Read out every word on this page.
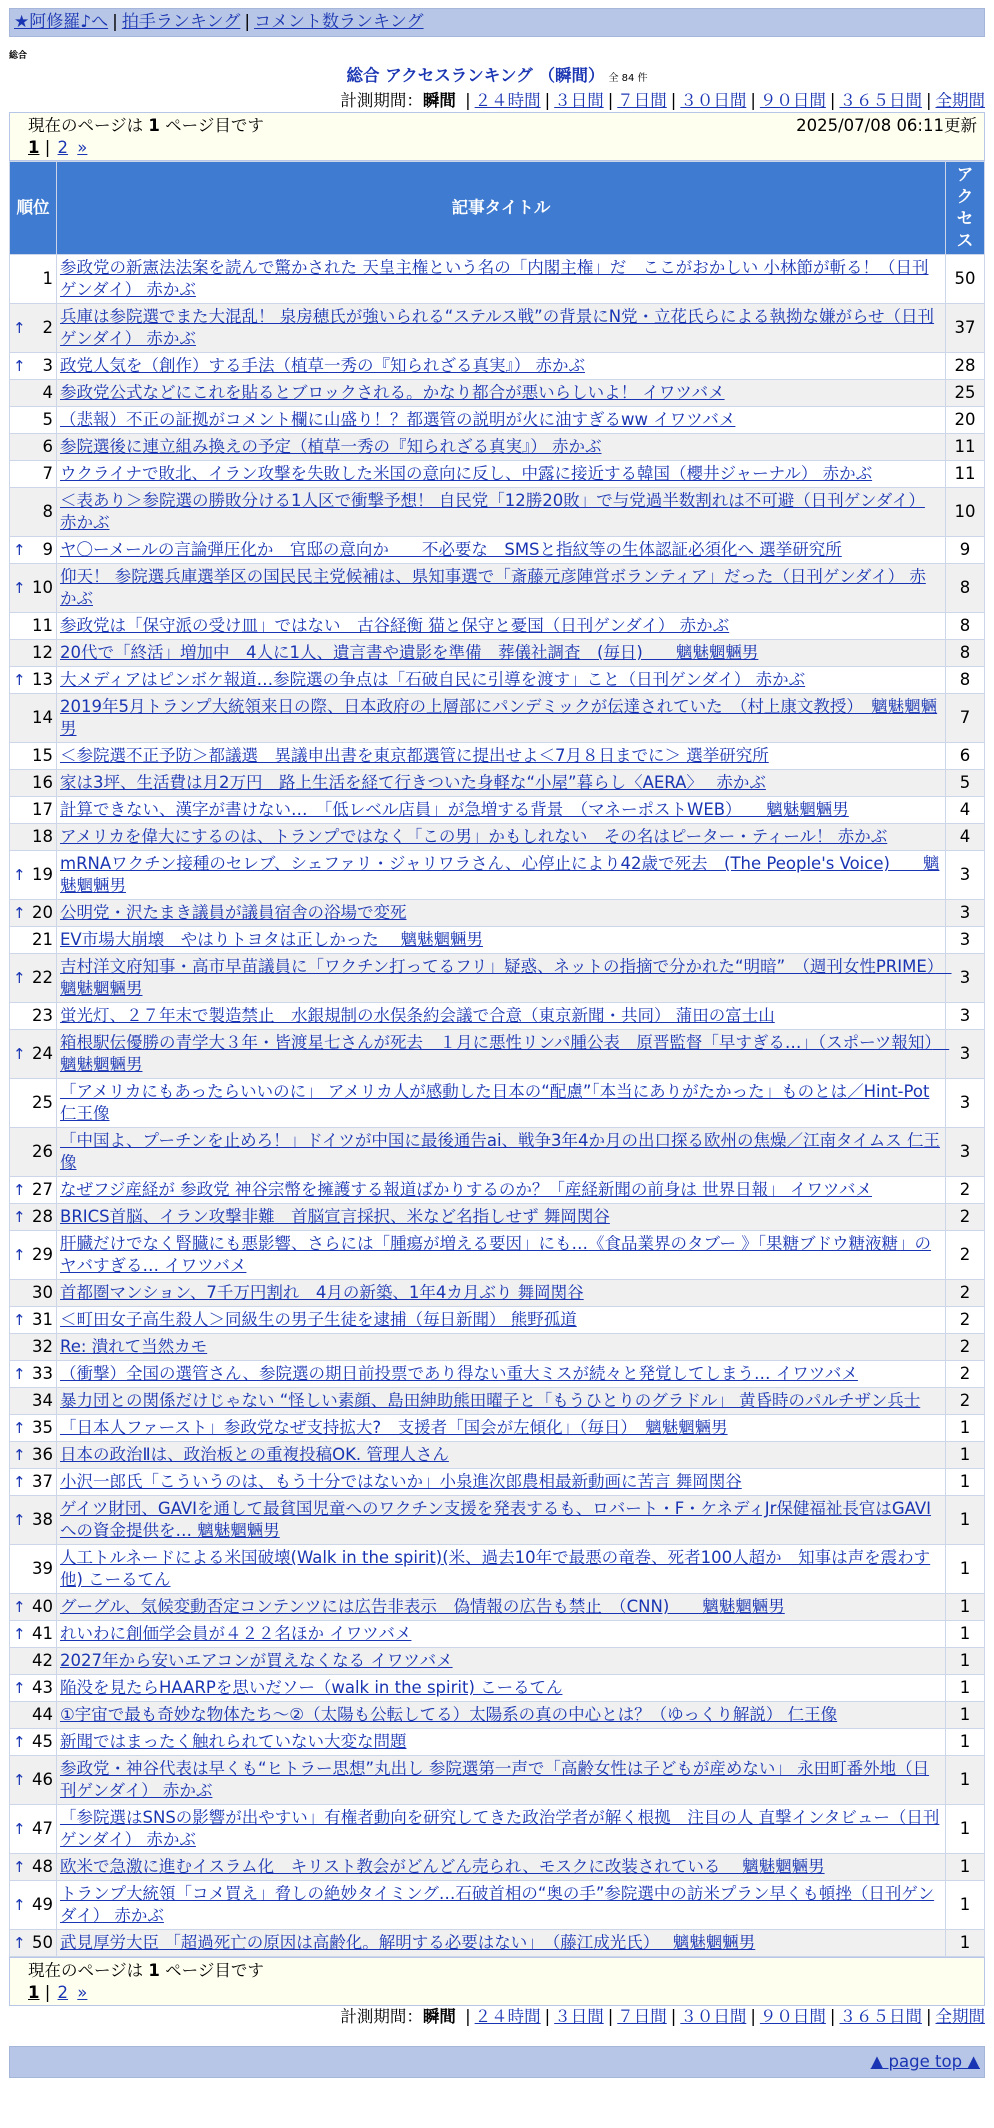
★阿修羅♪へ | 拍手ランキング | コメント数ランキング
総合
総合 アクセスランキング （瞬間） 全 84 件
計測期間：瞬間 | ２４時間 | ３日間 | ７日間 | ３０日間 | ９０日間 | ３６５日間 | 全期間
現在のページは 1 ページ目です	2025/07/08 06:11更新
1 | 2 »
順位	記事タイトル	アクセス
1	参政党の新憲法法案を読んで驚かされた 天皇主権という名の「内閣主権」だ　ここがおかしい 小林節が斬る！（日刊ゲンダイ） 赤かぶ	50

↑ 2	兵庫は参院選でまた大混乱！ 泉房穂氏が強いられる“ステルス戦”の背景にN党・立花氏らによる執拗な嫌がらせ（日刊ゲンダイ） 赤かぶ	37

↑ 3	政党人気を（創作）する手法（植草一秀の『知られざる真実』） 赤かぶ	28
4	参政党公式などにこれを貼るとブロックされる。かなり都合が悪いらしいよ！ イワツバメ	25
5	（悲報）不正の証拠がコメント欄に山盛り！？都選管の説明が火に油すぎるww イワツバメ	20
6	参院選後に連立組み換えの予定（植草一秀の『知られざる真実』） 赤かぶ	11
7	ウクライナで敗北、イラン攻撃を失敗した米国の意向に反し、中露に接近する韓国（櫻井ジャーナル） 赤かぶ	11
8	＜表あり＞参院選の勝敗分ける1人区で衝撃予想！ 自民党「12勝20敗」で与党過半数割れは不可避（日刊ゲンダイ） 赤かぶ	10

↑ 9	ヤ〇ーメールの言論弾圧化か　官邸の意向か　　不必要な　SMSと指紋等の生体認証必須化へ 選挙研究所	9

↑ 10	仰天！ 参院選兵庫選挙区の国民民主党候補は、県知事選で「斎藤元彦陣営ボランティア」だった（日刊ゲンダイ） 赤かぶ	8
11	参政党は「保守派の受け皿」ではない　古谷経衡 猫と保守と憂国（日刊ゲンダイ） 赤かぶ	8
12	20代で「終活」増加中　4人に1人、遺言書や遺影を準備　葬儀社調査　(毎日)　　魑魅魍魎男	8

↑ 13	大メディアはピンボケ報道…参院選の争点は「石破自民に引導を渡す」こと（日刊ゲンダイ） 赤かぶ	8
14	2019年5月トランプ大統領来日の際、日本政府の上層部にパンデミックが伝達されていた　（村上康文教授）　魑魅魍魎男	7
15	＜参院選不正予防＞都議選　異議申出書を東京都選管に提出せよ＜7月８日までに＞ 選挙研究所	6
16	家は3坪、生活費は月2万円　路上生活を経て行きついた身軽な“小屋”暮らし〈AERA〉　 赤かぶ	5
17	計算できない、漢字が書けない…　「低レベル店員」が急増する背景　（マネーポストWEB）　　魑魅魍魎男	4
18	アメリカを偉大にするのは、トランプではなく「この男」かもしれない　その名はピーター・ティール！ 赤かぶ	4

↑ 19	mRNAワクチン接種のセレブ、シェファリ・ジャリワラさん、心停止により42歳で死去　(The People's Voice)　　魑魅魍魎男	3

↑ 20	公明党・沢たまき議員が議員宿舎の浴場で変死	3
21	EV市場大崩壊　やはりトヨタは正しかった　 魑魅魍魎男	3

↑ 22	吉村洋文府知事・高市早苗議員に「ワクチン打ってるフリ」疑惑、ネットの指摘で分かれた“明暗”　（週刊女性PRIME）　魑魅魍魎男	3
23	蛍光灯、２７年末で製造禁止　水銀規制の水俣条約会議で合意（東京新聞・共同） 蒲田の富士山	3

↑ 24	箱根駅伝優勝の青学大３年・皆渡星七さんが死去　１月に悪性リンパ腫公表　原晋監督「早すぎる…」（スポーツ報知）　魑魅魍魎男	3
25	「アメリカにもあったらいいのに」 アメリカ人が感動した日本の“配慮”「本当にありがたかった」ものとは／Hint-Pot 仁王像	3
26	「中国よ、プーチンを止めろ！」ドイツが中国に最後通告ai、戦争3年4か月の出口探る欧州の焦燥／江南タイムス 仁王像	3

↑ 27	なぜフジ産経が 参政党 神谷宗幣を擁護する報道ばかりするのか？「産経新聞の前身は 世界日報」 イワツバメ	2

↑ 28	BRICS首脳、イラン攻撃非難　首脳宣言採択、米など名指しせず 舞岡関谷	2

↑ 29	肝臓だけでなく腎臓にも悪影響、さらには「腫瘍が増える要因」にも…《食品業界のタブー 》「果糖ブドウ糖液糖」のヤバすぎる… イワツバメ	2
30	首都圏マンション、7千万円割れ　4月の新築、1年4カ月ぶり 舞岡関谷	2

↑ 31	＜町田女子高生殺人＞同級生の男子生徒を逮捕（毎日新聞） 熊野孤道	2
32	Re: 潰れて当然カモ	2

↑ 33	（衝撃）全国の選管さん、参院選の期日前投票であり得ない重大ミスが続々と発覚してしまう… イワツバメ	2
34	暴力団との関係だけじゃない “怪しい素顔、島田紳助熊田曜子と「もうひとりのグラドル」 黄昏時のパルチザン兵士	2

↑ 35	「日本人ファースト」参政党なぜ支持拡大?　支援者「国会が左傾化」（毎日）　魑魅魍魎男	1

↑ 36	日本の政治Ⅱは、政治板との重複投稿OK. 管理人さん	1

↑ 37	小沢一郎氏「こういうのは、もう十分ではないか」小泉進次郎農相最新動画に苦言 舞岡関谷	1

↑ 38	ゲイツ財団、GAVIを通して最貧国児童へのワクチン支援を発表するも、ロバート・F・ケネディJr保健福祉長官はGAVIへの資金提供を… 魑魅魍魎男	1
39	人工トルネードによる米国破壊(Walk in the spirit)(米、過去10年で最悪の竜巻、死者100人超か　知事は声を震わす他) こーるてん	1

↑ 40	グーグル、気候変動否定コンテンツには広告非表示　偽情報の広告も禁止　（CNN)　　魑魅魍魎男	1

↑ 41	れいわに創価学会員が４２２名ほか イワツバメ	1
42	2027年から安いエアコンが買えなくなる イワツバメ	1

↑ 43	陥没を見たらHAARPを思いだソー（walk in the spirit) こーるてん	1
44	①宇宙で最も奇妙な物体たち〜②（太陽も公転してる）太陽系の真の中心とは？（ゆっくり解説） 仁王像	1

↑ 45	新聞ではまったく触れられていない大変な問題	1

↑ 46	参政党・神谷代表は早くも“ヒトラー思想”丸出し 参院選第一声で「高齢女性は子どもが産めない」 永田町番外地（日刊ゲンダイ） 赤かぶ	1

↑ 47	「参院選はSNSの影響が出やすい」有権者動向を研究してきた政治学者が解く根拠　注目の人 直撃インタビュー（日刊ゲンダイ） 赤かぶ	1

↑ 48	欧米で急激に進むイスラム化　キリスト教会がどんどん売られ、モスクに改装されている　 魑魅魍魎男	1

↑ 49	トランプ大統領「コメ買え」脅しの絶妙タイミング…石破首相の“奥の手”参院選中の訪米プラン早くも頓挫（日刊ゲンダイ） 赤かぶ	1

↑ 50	武見厚労大臣 「超過死亡の原因は高齢化。解明する必要はない」　（藤江成光氏）　 魑魅魍魎男	1
現在のページは 1 ページ目です
1 | 2 »
計測期間：瞬間 | ２４時間 | ３日間 | ７日間 | ３０日間 | ９０日間 | ３６５日間 | 全期間
▲ page top ▲
